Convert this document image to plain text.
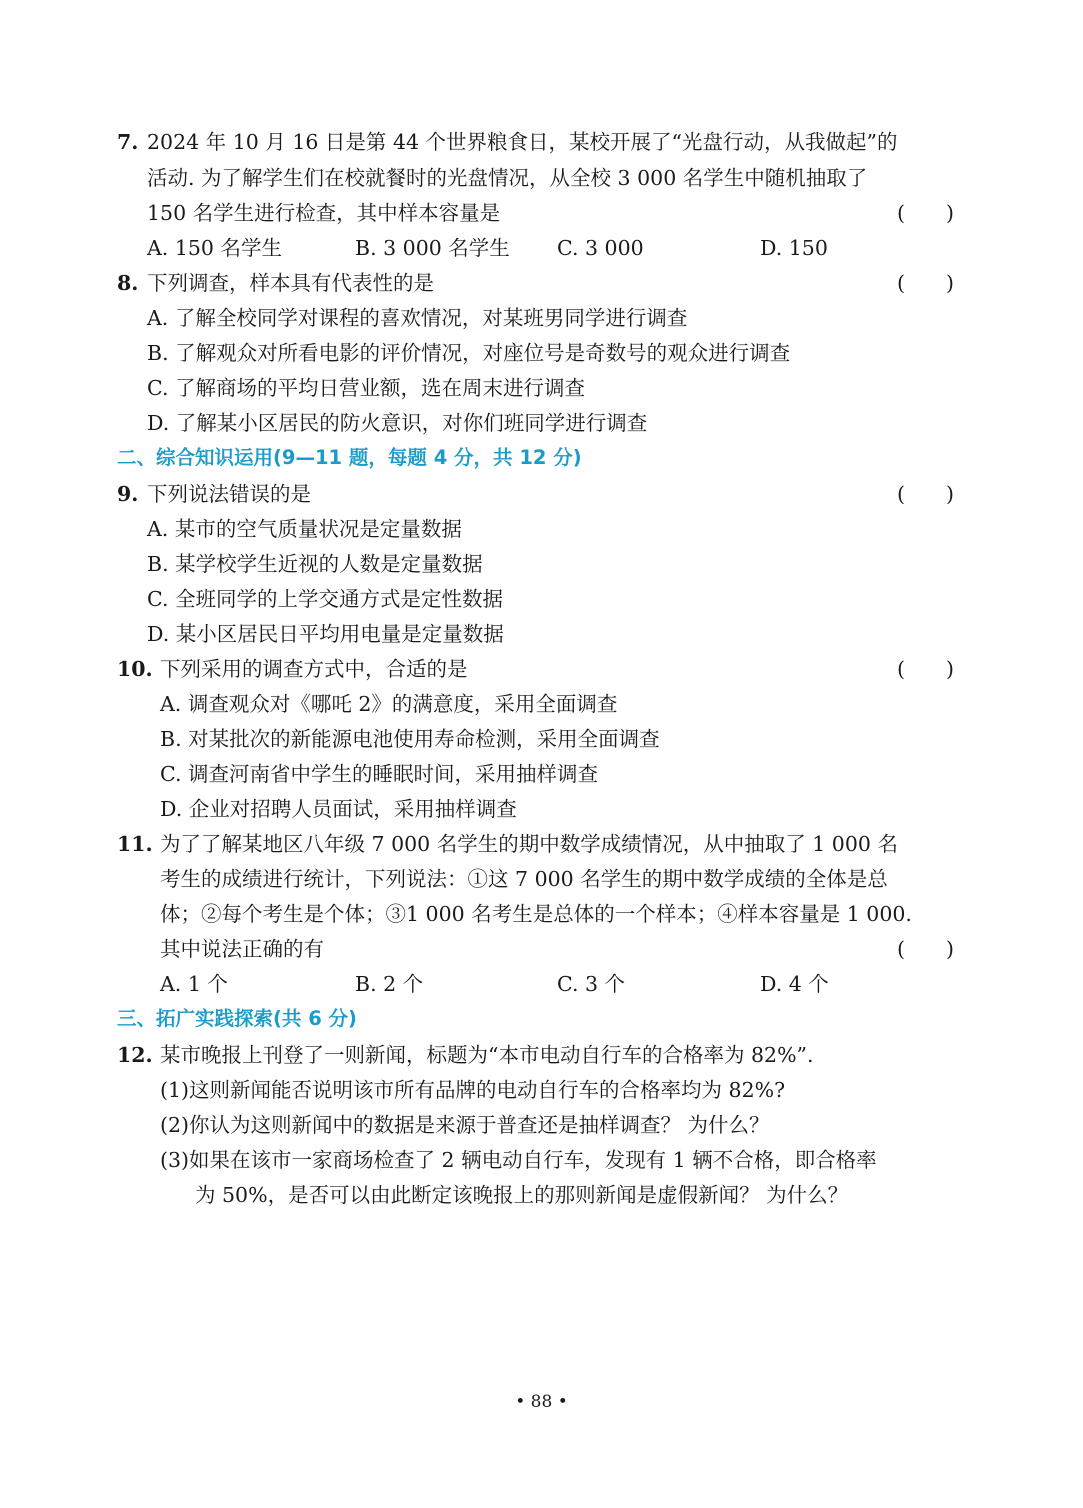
7. 2024 年 10 月 16 日是第 44 个世界粮食日，某校开展了“光盘行动，从我做起”的
活动. 为了解学生们在校就餐时的光盘情况，从全校 3 000 名学生中随机抽取了
150 名学生进行检查，其中样本容量是	(　　)
A. 150 名学生	B. 3 000 名学生 C. 3 000	D. 150
8. 下列调查，样本具有代表性的是	(　　)
A. 了解全校同学对课程的喜欢情况，对某班男同学进行调查
B. 了解观众对所看电影的评价情况，对座位号是奇数号的观众进行调查
C. 了解商场的平均日营业额，选在周末进行调查
D. 了解某小区居民的防火意识，对你们班同学进行调查
二、综合知识运用(9—11 题，每题 4 分，共 12 分)
9. 下列说法错误的是	(　　)
A. 某市的空气质量状况是定量数据
B. 某学校学生近视的人数是定量数据
C. 全班同学的上学交通方式是定性数据
D. 某小区居民日平均用电量是定量数据
10. 下列采用的调查方式中，合适的是	(　　)
A. 调查观众对《哪吒 2》的满意度，采用全面调查
B. 对某批次的新能源电池使用寿命检测，采用全面调查
C. 调查河南省中学生的睡眠时间，采用抽样调查
D. 企业对招聘人员面试，采用抽样调查
11. 为了了解某地区八年级 7 000 名学生的期中数学成绩情况，从中抽取了 1 000 名
考生的成绩进行统计，下列说法：①这 7 000 名学生的期中数学成绩的全体是总
体；②每个考生是个体；③1 000 名考生是总体的一个样本；④样本容量是 1 000.
其中说法正确的有	(　　)
A. 1 个	B. 2 个	C. 3 个	D. 4 个
三、拓广实践探索(共 6 分)
12. 某市晚报上刊登了一则新闻，标题为“本市电动自行车的合格率为 82%”.
(1)这则新闻能否说明该市所有品牌的电动自行车的合格率均为 82%?
(2)你认为这则新闻中的数据是来源于普查还是抽样调查？ 为什么？
(3)如果在该市一家商场检查了 2 辆电动自行车，发现有 1 辆不合格，即合格率
为 50%，是否可以由此断定该晚报上的那则新闻是虚假新闻？ 为什么？
• 88 •
